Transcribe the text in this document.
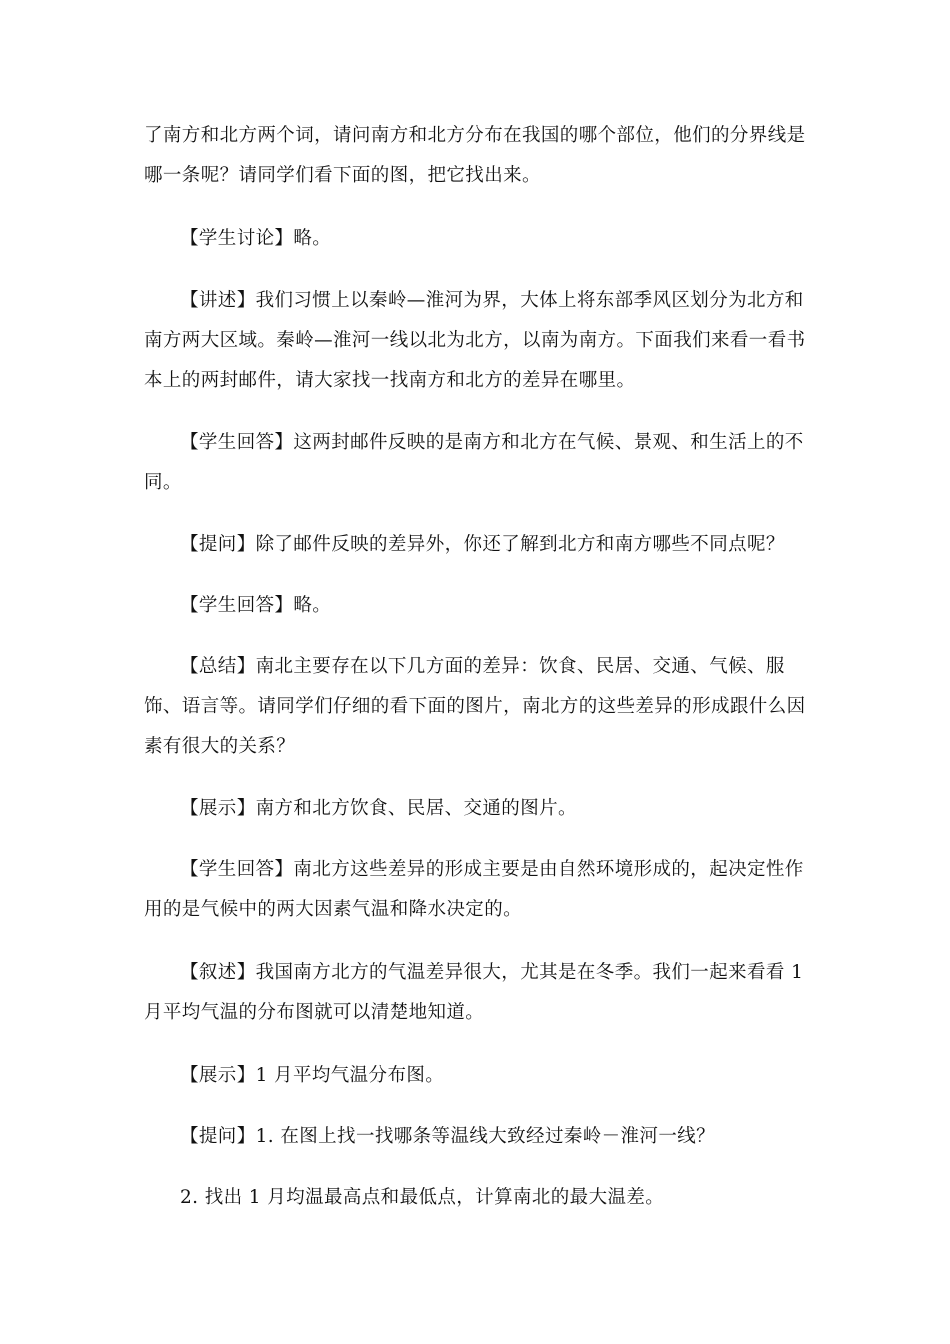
了南方和北方两个词，请问南方和北方分布在我国的哪个部位，他们的分界线是哪一条呢？请同学们看下面的图，把它找出来。

【学生讨论】略。

【讲述】我们习惯上以秦岭—淮河为界，大体上将东部季风区划分为北方和南方两大区域。秦岭—淮河一线以北为北方，以南为南方。下面我们来看一看书本上的两封邮件，请大家找一找南方和北方的差异在哪里。

【学生回答】这两封邮件反映的是南方和北方在气候、景观、和生活上的不同。

【提问】除了邮件反映的差异外，你还了解到北方和南方哪些不同点呢？

【学生回答】略。

【总结】南北主要存在以下几方面的差异：饮食、民居、交通、气候、服饰、语言等。请同学们仔细的看下面的图片，南北方的这些差异的形成跟什么因素有很大的关系？

【展示】南方和北方饮食、民居、交通的图片。

【学生回答】南北方这些差异的形成主要是由自然环境形成的，起决定性作用的是气候中的两大因素气温和降水决定的。

【叙述】我国南方北方的气温差异很大，尤其是在冬季。我们一起来看看 1 月平均气温的分布图就可以清楚地知道。

【展示】1 月平均气温分布图。

【提问】1. 在图上找一找哪条等温线大致经过秦岭－淮河一线？

2. 找出 1 月均温最高点和最低点，计算南北的最大温差。
